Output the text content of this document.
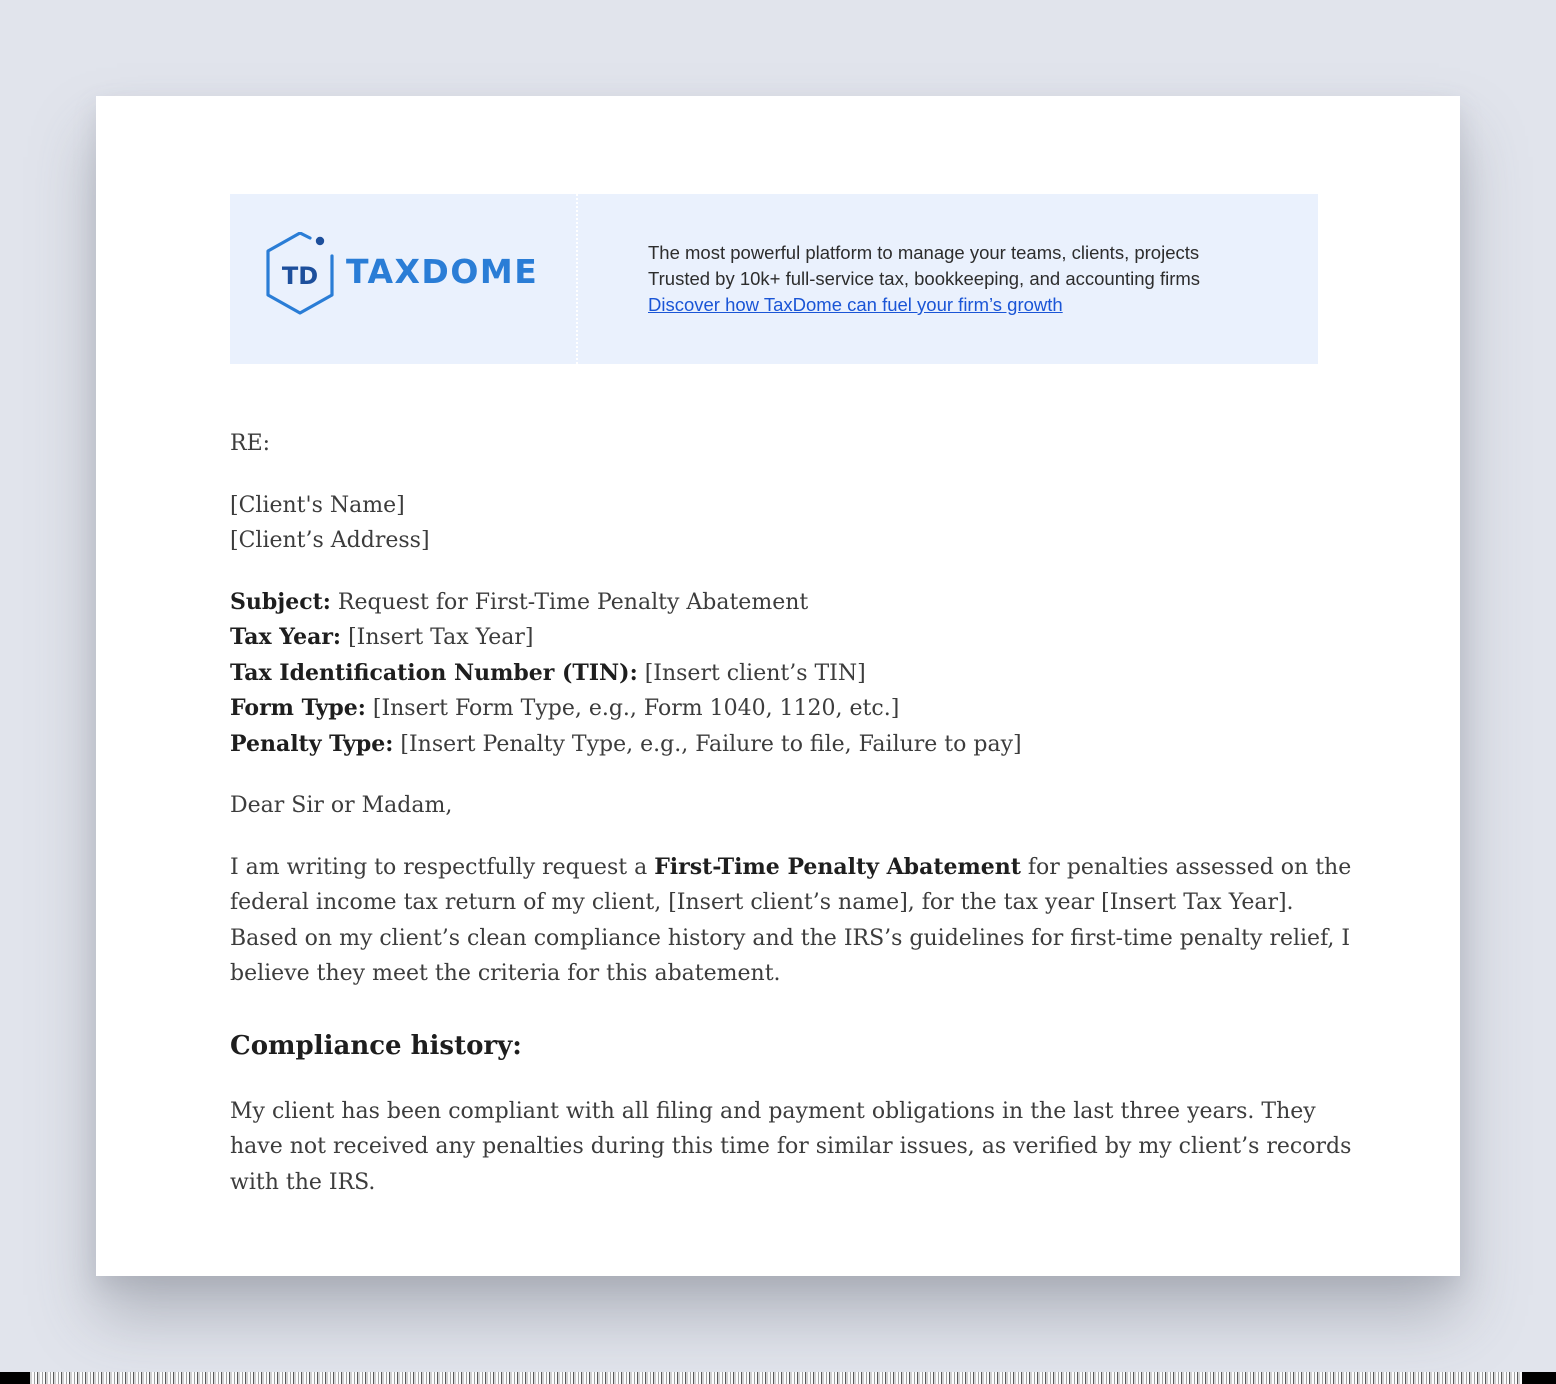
TD TAXDOME	The most powerful platform to manage your teams, clients, projects
Trusted by 10k+ full-service tax, bookkeeping, and accounting firms
Discover how TaxDome can fuel your firm’s growth

RE:

[Client's Name]

[Client’s Address]

Subject: Request for First-Time Penalty Abatement

Tax Year: [Insert Tax Year]

Tax Identification Number (TIN): [Insert client’s TIN]

Form Type: [Insert Form Type, e.g., Form 1040, 1120, etc.]

Penalty Type: [Insert Penalty Type, e.g., Failure to file, Failure to pay]

Dear Sir or Madam,

I am writing to respectfully request a First-Time Penalty Abatement for penalties assessed on the federal income tax return of my client, [Insert client’s name], for the tax year [Insert Tax Year]. Based on my client’s clean compliance history and the IRS’s guidelines for first-time penalty relief, I believe they meet the criteria for this abatement.

Compliance history:

My client has been compliant with all filing and payment obligations in the last three years. They have not received any penalties during this time for similar issues, as verified by my client’s records with the IRS.
